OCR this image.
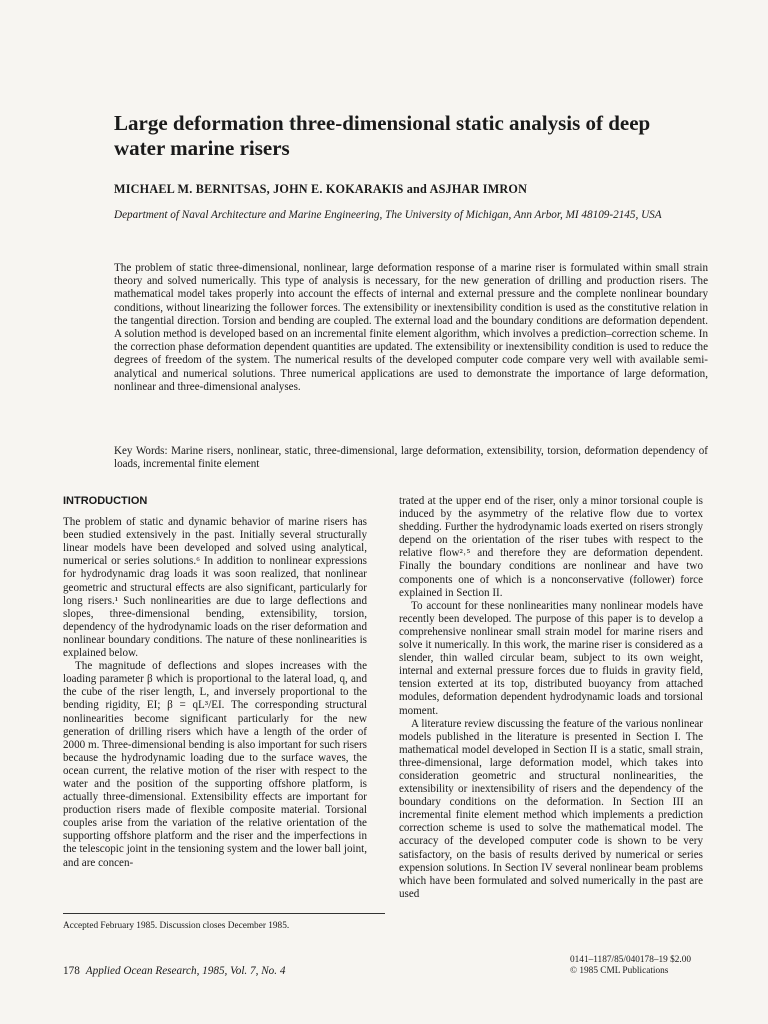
Large deformation three-dimensional static analysis of deep water marine risers
MICHAEL M. BERNITSAS, JOHN E. KOKARAKIS and ASJHAR IMRON
Department of Naval Architecture and Marine Engineering, The University of Michigan, Ann Arbor, MI 48109-2145, USA

The problem of static three-dimensional, nonlinear, large deformation response of a marine riser is formulated within small strain theory and solved numerically. This type of analysis is necessary, for the new generation of drilling and production risers. The mathematical model takes properly into account the effects of internal and external pressure and the complete nonlinear boundary conditions, without linearizing the follower forces. The extensibility or inextensibility condition is used as the constitutive relation in the tangential direction. Torsion and bending are coupled. The external load and the boundary conditions are deformation dependent. A solution method is developed based on an incremental finite element algorithm, which involves a prediction–correction scheme. In the correction phase deformation dependent quantities are updated. The extensibility or inextensibility condition is used to reduce the degrees of freedom of the system. The numerical results of the developed computer code compare very well with available semi-analytical and numerical solutions. Three numerical applications are used to demonstrate the importance of large deformation, nonlinear and three-dimensional analyses.

Key Words: Marine risers, nonlinear, static, three-dimensional, large deformation, extensibility, torsion, deformation dependency of loads, incremental finite element

INTRODUCTION

The problem of static and dynamic behavior of marine risers has been studied extensively in the past. Initially several structurally linear models have been developed and solved using analytical, numerical or series solutions.⁶ In addition to nonlinear expressions for hydrodynamic drag loads it was soon realized, that nonlinear geometric and structural effects are also significant, particularly for long risers.¹ Such nonlinearities are due to large deflections and slopes, three-dimensional bending, extensibility, torsion, dependency of the hydrodynamic loads on the riser deformation and nonlinear boundary conditions. The nature of these nonlinearities is explained below.

The magnitude of deflections and slopes increases with the loading parameter β which is proportional to the lateral load, q, and the cube of the riser length, L, and inversely proportional to the bending rigidity, EI; β = qL³/EI. The corresponding structural nonlinearities become significant particularly for the new generation of drilling risers which have a length of the order of 2000 m. Three-dimensional bending is also important for such risers because the hydrodynamic loading due to the surface waves, the ocean current, the relative motion of the riser with respect to the water and the position of the supporting offshore platform, is actually three-dimensional. Extensibility effects are important for production risers made of flexible composite material. Torsional couples arise from the variation of the relative orientation of the supporting offshore platform and the riser and the imperfections in the telescopic joint in the tensioning system and the lower ball joint, and are concen-

trated at the upper end of the riser, only a minor torsional couple is induced by the asymmetry of the relative flow due to vortex shedding. Further the hydrodynamic loads exerted on risers strongly depend on the orientation of the riser tubes with respect to the relative flow²˒⁵ and therefore they are deformation dependent. Finally the boundary conditions are nonlinear and have two components one of which is a nonconservative (follower) force explained in Section II.

To account for these nonlinearities many nonlinear models have recently been developed. The purpose of this paper is to develop a comprehensive nonlinear small strain model for marine risers and solve it numerically. In this work, the marine riser is considered as a slender, thin walled circular beam, subject to its own weight, internal and external pressure forces due to fluids in gravity field, tension exterted at its top, distributed buoyancy from attached modules, deformation dependent hydrodynamic loads and torsional moment.

A literature review discussing the feature of the various nonlinear models published in the literature is presented in Section I. The mathematical model developed in Section II is a static, small strain, three-dimensional, large deformation model, which takes into consideration geometric and structural nonlinearities, the extensibility or inextensibility of risers and the dependency of the boundary conditions on the deformation. In Section III an incremental finite element method which implements a prediction correction scheme is used to solve the mathematical model. The accuracy of the developed computer code is shown to be very satisfactory, on the basis of results derived by numerical or series expension solutions. In Section IV several nonlinear beam problems which have been formulated and solved numerically in the past are used

Accepted February 1985. Discussion closes December 1985.
178 Applied Ocean Research, 1985, Vol. 7, No. 4
0141–1187/85/040178–19 $2.00
© 1985 CML Publications
